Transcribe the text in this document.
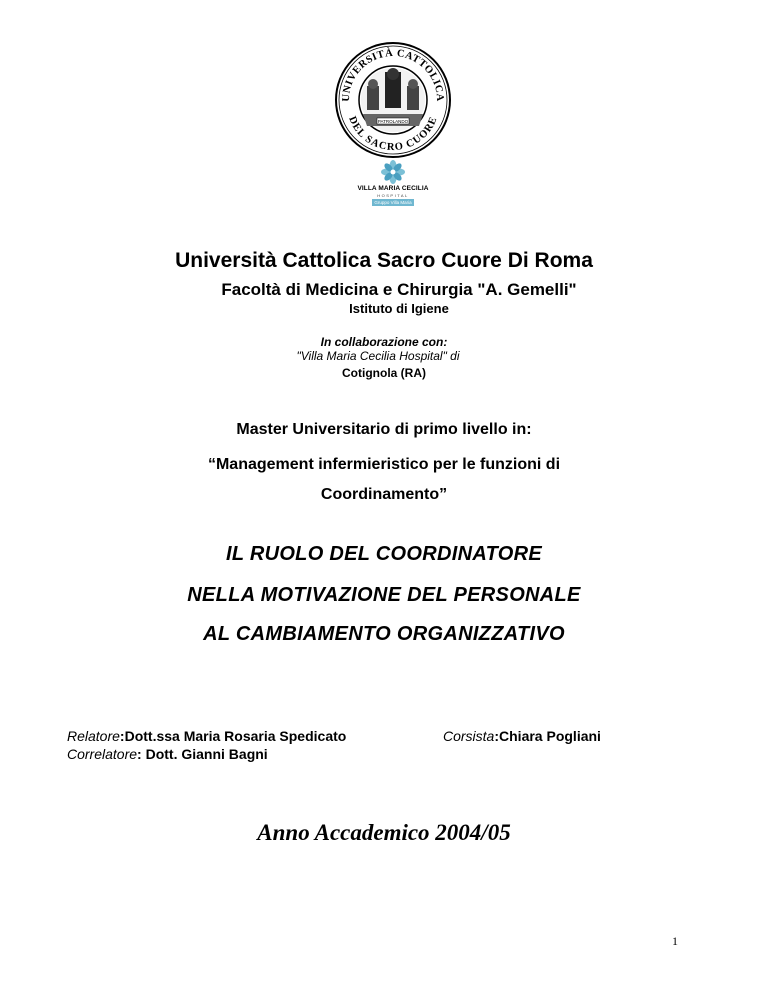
UNIVERSITÀ CATTOLICA
DEL SACRO CUORE
PATROLANDO
VILLA MARIA CECILIA
HOSPITAL
Gruppo Villa Maria
Università Cattolica Sacro Cuore Di Roma
Facoltà di Medicina e Chirurgia "A. Gemelli"
Istituto di Igiene
In collaborazione con:
"Villa Maria Cecilia Hospital" di
Cotignola (RA)
Master Universitario di primo livello in:
“Management infermieristico per le funzioni di
Coordinamento”
IL RUOLO DEL COORDINATORE
NELLA MOTIVAZIONE DEL PERSONALE
AL CAMBIAMENTO ORGANIZZATIVO
Relatore:Dott.ssa Maria Rosaria Spedicato
Correlatore: Dott. Gianni Bagni
Corsista:Chiara Pogliani
Anno Accademico 2004/05
1
